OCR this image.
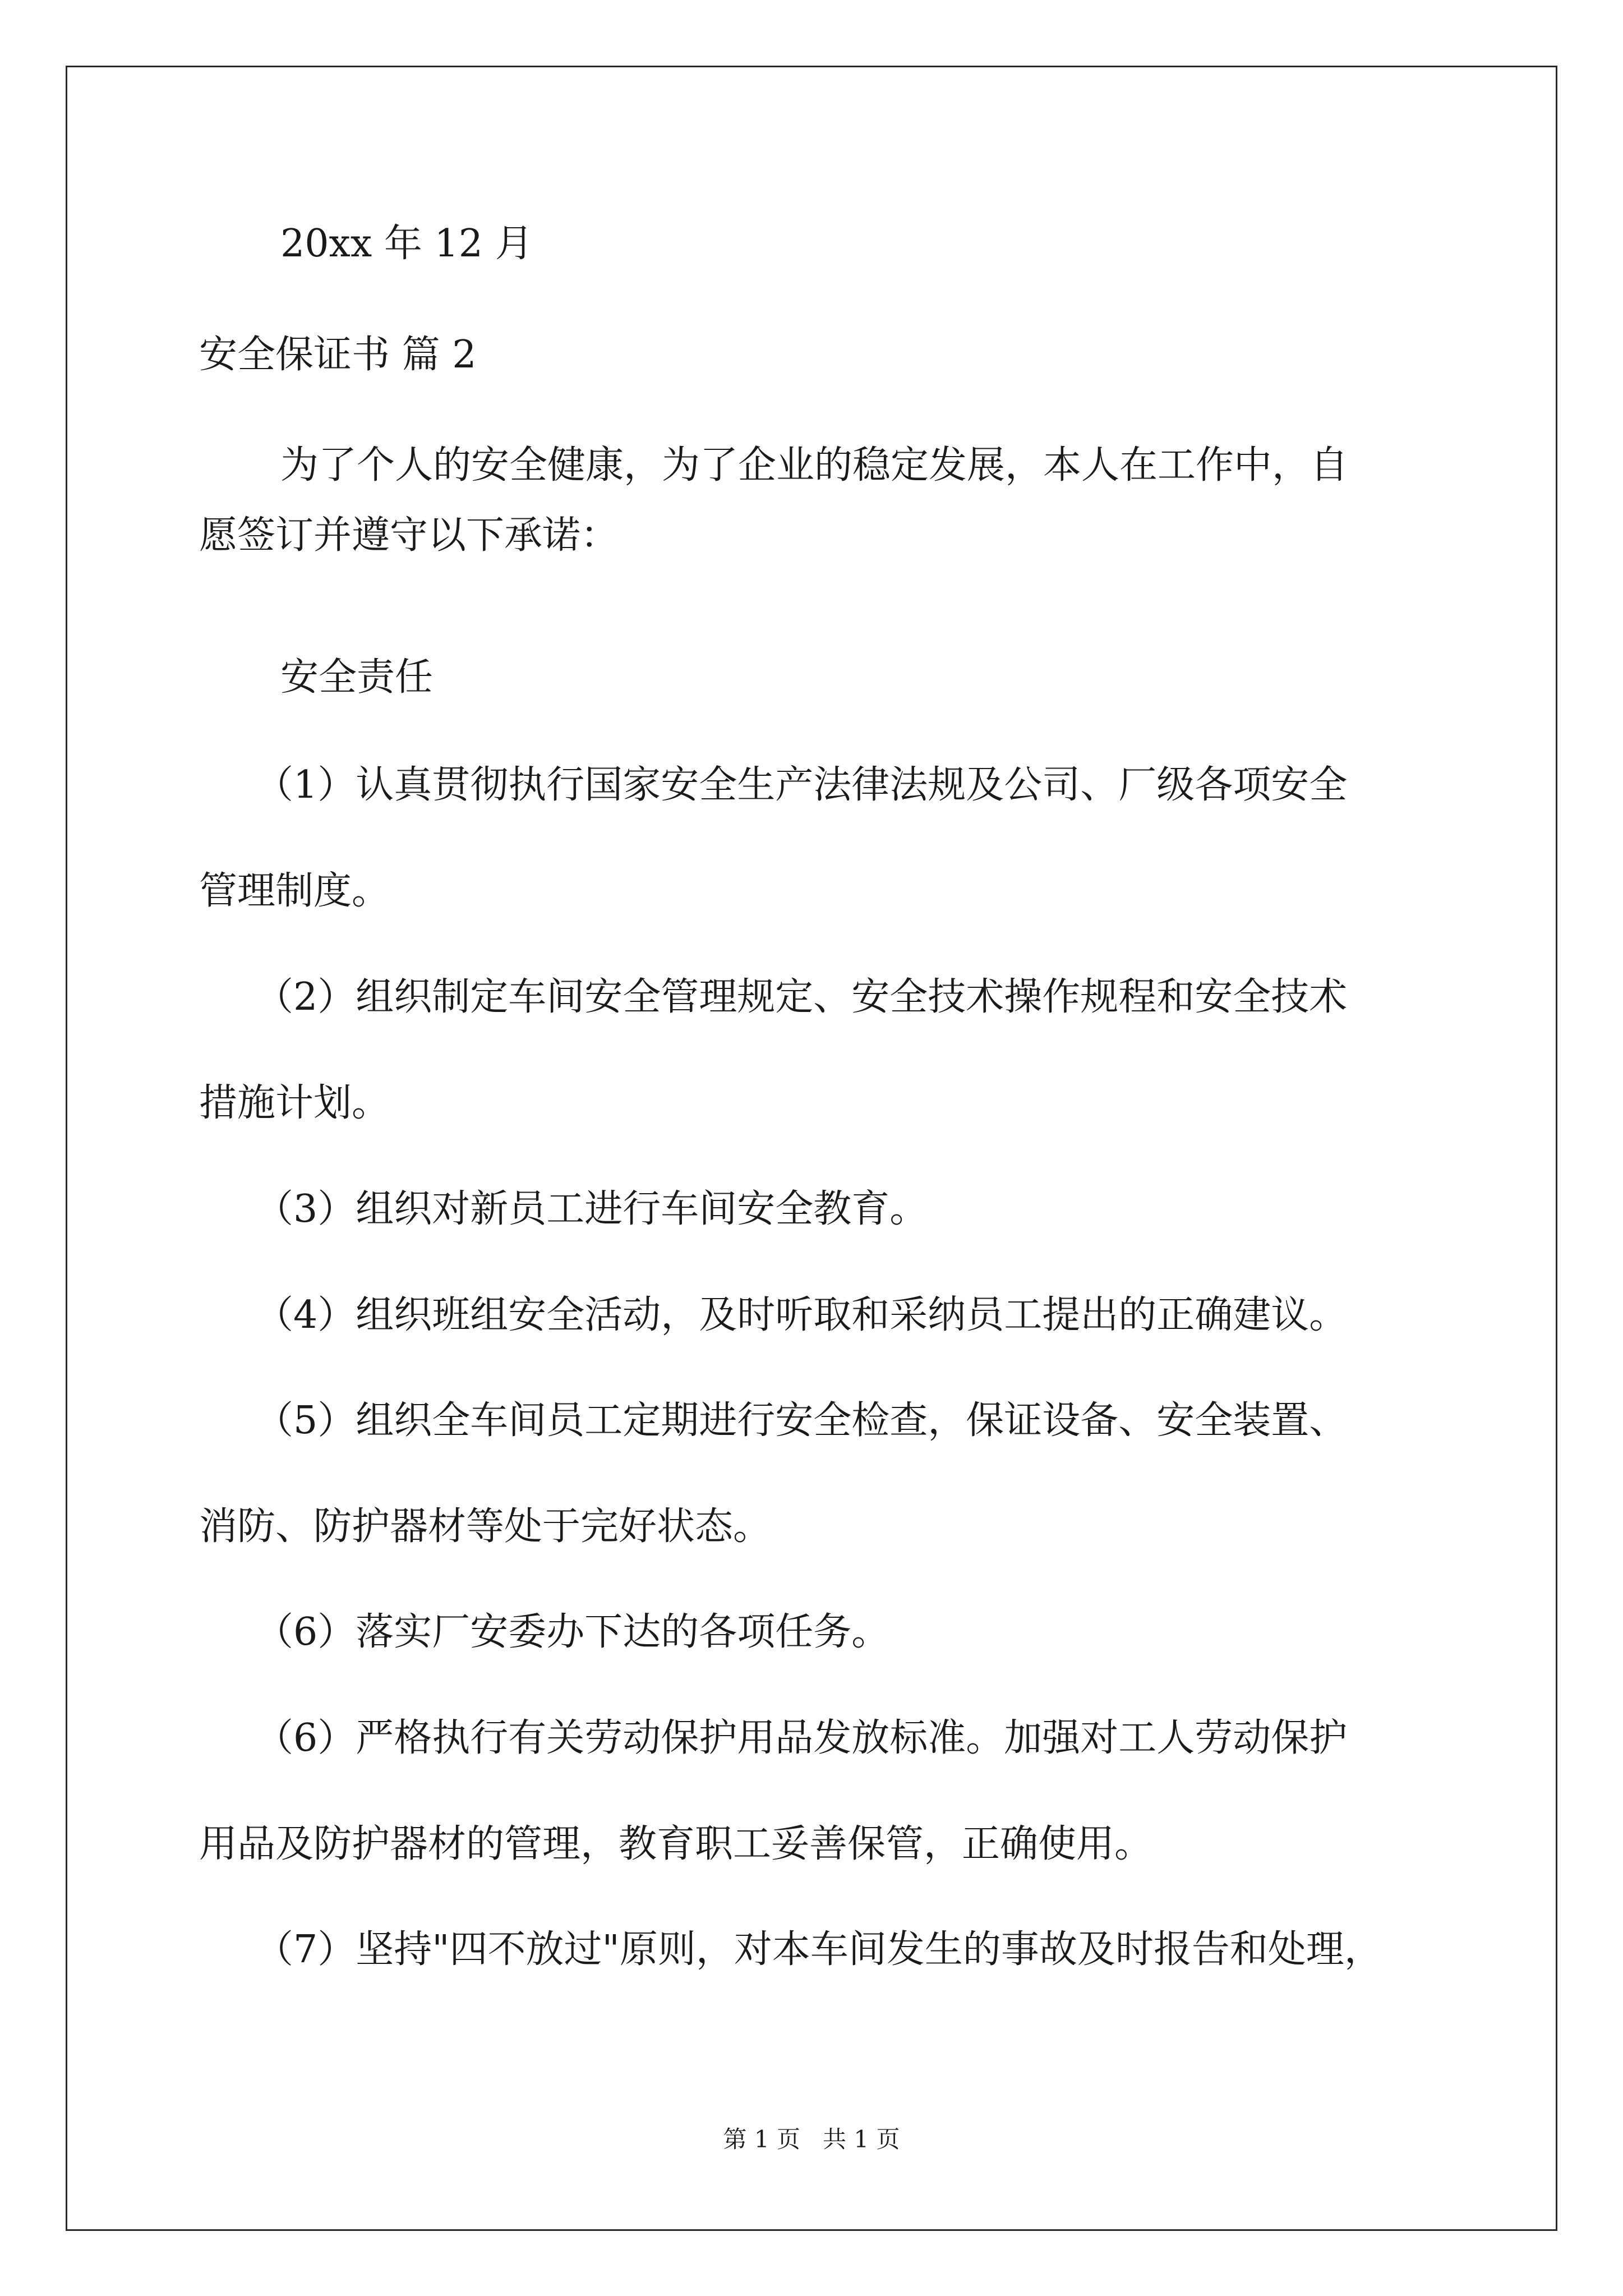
20xx 年 12 月
安全保证书 篇 2
为了个人的安全健康，为了企业的稳定发展，本人在工作中，自
愿签订并遵守以下承诺：
安全责任
（1）认真贯彻执行国家安全生产法律法规及公司、厂级各项安全
管理制度。
（2）组织制定车间安全管理规定、安全技术操作规程和安全技术
措施计划。
（3）组织对新员工进行车间安全教育。
（4）组织班组安全活动，及时听取和采纳员工提出的正确建议。
（5）组织全车间员工定期进行安全检查，保证设备、安全装置、
消防、防护器材等处于完好状态。
（6）落实厂安委办下达的各项任务。
（6）严格执行有关劳动保护用品发放标准。加强对工人劳动保护
用品及防护器材的管理，教育职工妥善保管，正确使用。
（7）坚持"四不放过"原则，对本车间发生的事故及时报告和处理，
第 1 页   共 1 页
